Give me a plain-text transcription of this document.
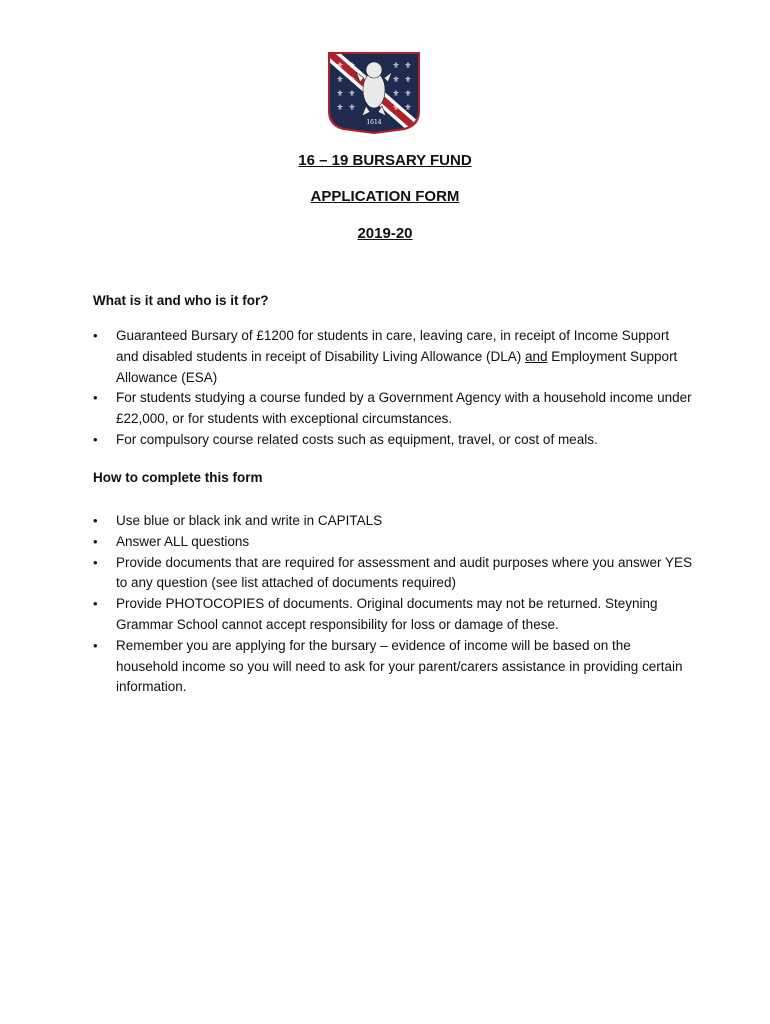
⚜ ⚜
⚜ ⚜
⚜ ⚜
⚜ ⚜
⚜ ⚜
⚜ ⚜
⚜ ⚜
⚜ ⚜
1614
16 – 19 BURSARY FUND
APPLICATION FORM
2019-20

What is it and who is it for?

• Guaranteed Bursary of £1200 for students in care, leaving care, in receipt of Income Support and disabled students in receipt of Disability Living Allowance (DLA) and Employment Support Allowance (ESA)
• For students studying a course funded by a Government Agency with a household income under £22,000, or for students with exceptional circumstances.
• For compulsory course related costs such as equipment, travel, or cost of meals.

How to complete this form

• Use blue or black ink and write in CAPITALS
• Answer ALL questions
• Provide documents that are required for assessment and audit purposes where you answer YES to any question (see list attached of documents required)
• Provide PHOTOCOPIES of documents. Original documents may not be returned. Steyning Grammar School cannot accept responsibility for loss or damage of these.
• Remember you are applying for the bursary – evidence of income will be based on the household income so you will need to ask for your parent/carers assistance in providing certain information.
